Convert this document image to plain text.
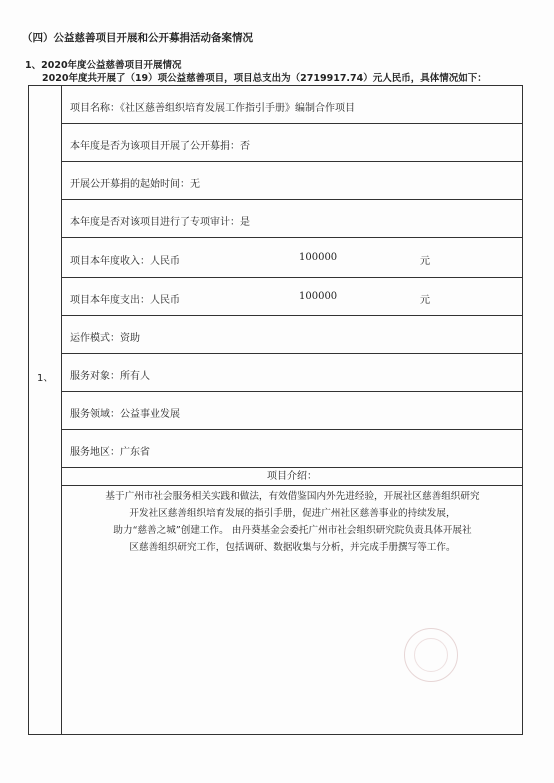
（四）公益慈善项目开展和公开募捐活动备案情况
1、2020年度公益慈善项目开展情况
2020年度共开展了（19）项公益慈善项目，项目总支出为（2719917.74）元人民币，具体情况如下：
1、
项目名称：《社区慈善组织培育发展工作指引手册》编制合作项目
本年度是否为该项目开展了公开募捐：否
开展公开募捐的起始时间：无
本年度是否对该项目进行了专项审计：是
项目本年度收入：人民币	100000	元
项目本年度支出：人民币	100000	元
运作模式：资助
服务对象：所有人
服务领域：公益事业发展
服务地区：广东省
项目介绍：
基于广州市社会服务相关实践和做法，有效借鉴国内外先进经验，开展社区慈善组织研究
开发社区慈善组织培育发展的指引手册，促进广州社区慈善事业的持续发展，
助力“慈善之城”创建工作。 由丹葵基金会委托广州市社会组织研究院负责具体开展社
区慈善组织研究工作，包括调研、数据收集与分析，并完成手册撰写等工作。
